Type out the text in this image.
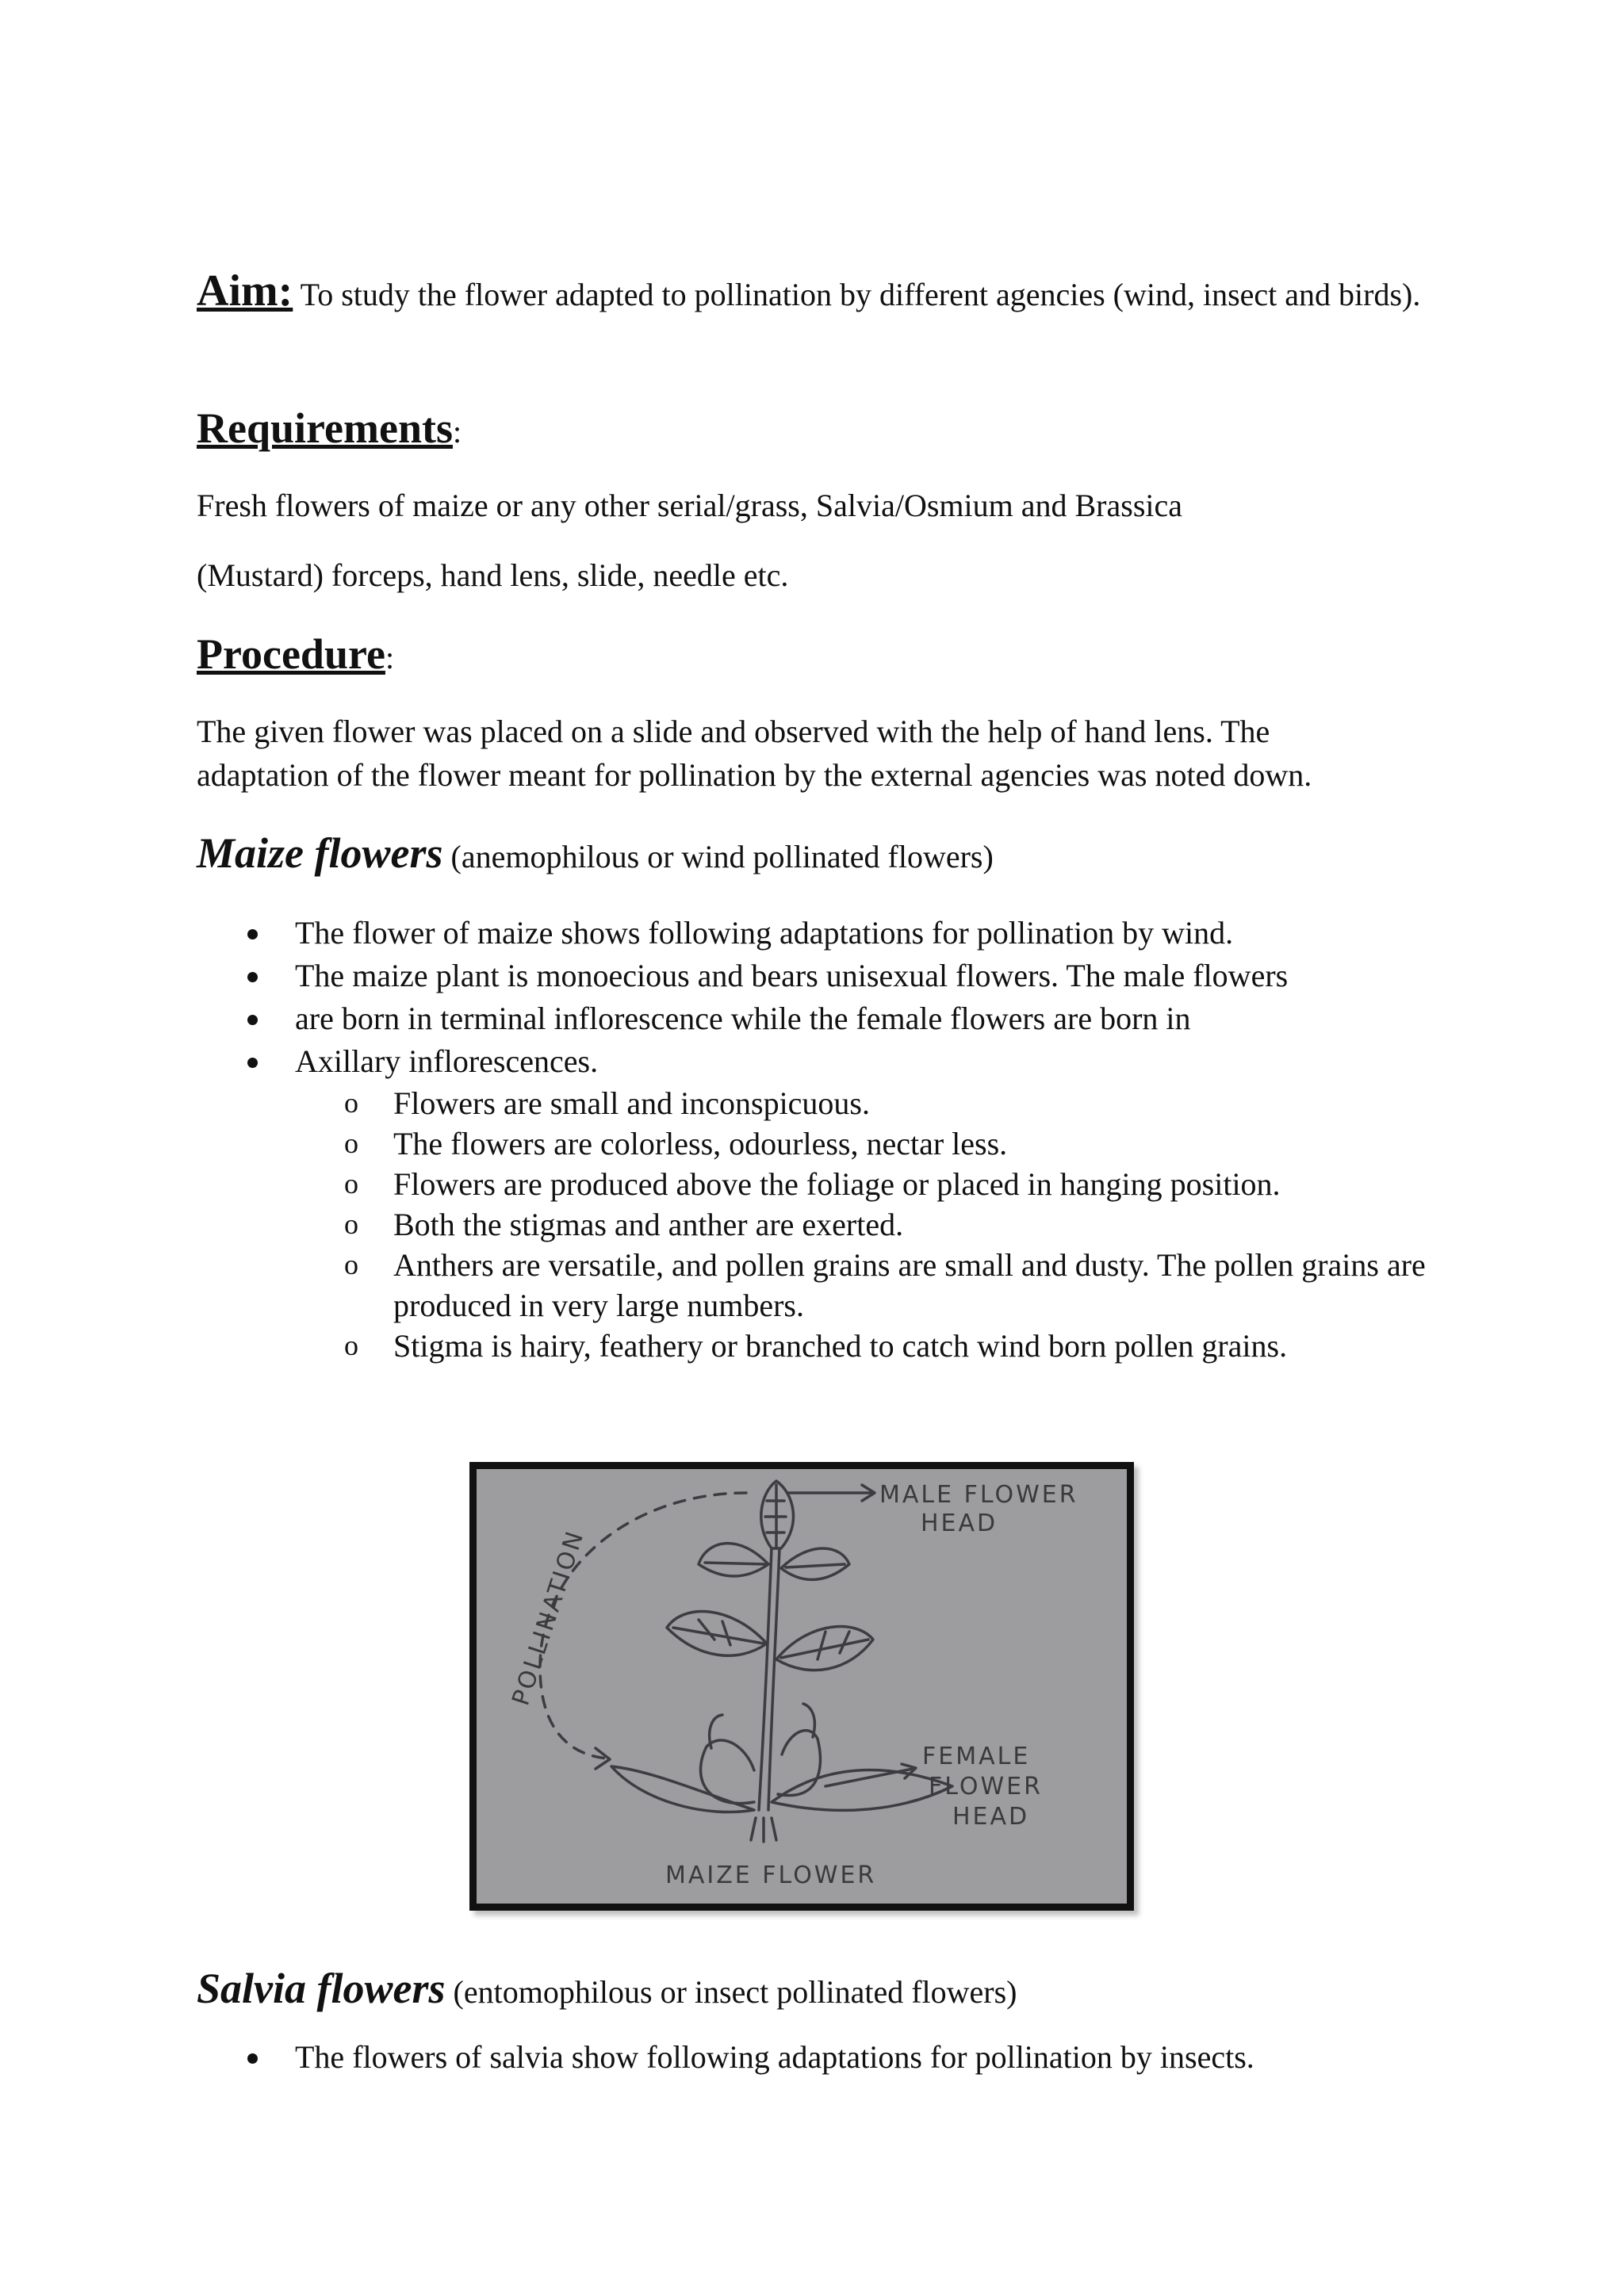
Aim: To study the flower adapted to pollination by different agencies (wind, insect and birds).

Requirements:

Fresh flowers of maize or any other serial/grass, Salvia/Osmium and Brassica

(Mustard) forceps, hand lens, slide, needle etc.

Procedure:

The given flower was placed on a slide and observed with the help of hand lens. The adaptation of the flower meant for pollination by the external agencies was noted down.

Maize flowers (anemophilous or wind pollinated flowers)
The flower of maize shows following adaptations for pollination by wind.
The maize plant is monoecious and bears unisexual flowers. The male flowers
are born in terminal inflorescence while the female flowers are born in
Axillary inflorescences.
o Flowers are small and inconspicuous.
o The flowers are colorless, odourless, nectar less.
o Flowers are produced above the foliage or placed in hanging position.
o Both the stigmas and anther are exerted.
o Anthers are versatile, and pollen grains are small and dusty. The pollen grains are produced in very large numbers.
o Stigma is hairy, feathery or branched to catch wind born pollen grains.
MALE FLOWER
HEAD
FEMALE
FLOWER
HEAD
POLLINATION
MAIZE FLOWER
Salvia flowers (entomophilous or insect pollinated flowers)
The flowers of salvia show following adaptations for pollination by insects.
